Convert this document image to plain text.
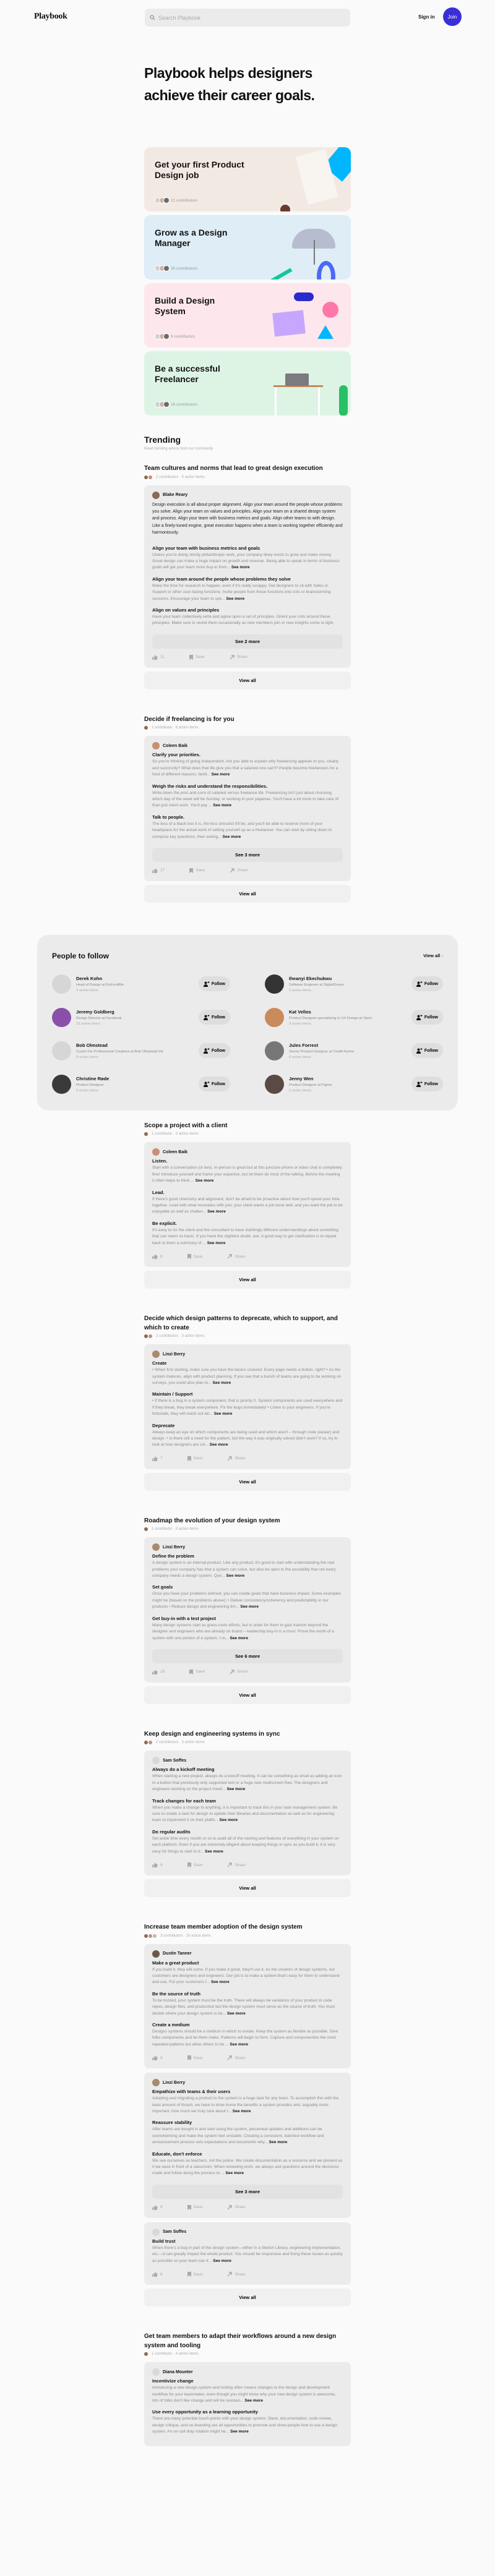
Playbook	Search Playbook	Sign in	Join
Playbook helps designers achieve their career goals.
Get your first Product Design job
21 contributors
Grow as a Design Manager
35 contributors
Build a Design System
9 contributors
Be a successful Freelancer
16 contributors
Trending
Read trending advice from our community
Team cultures and norms that lead to great design execution
2 contributors · 5 action items
Blake Reary

Design execution is all about proper alignment. Align your team around the people whose problems you solve. Align your team on values and principles. Align your team on a shared design system and process. Align your team with business metrics and goals. Align other teams to with design. Like a finely-tuned engine, great execution happens when a team is working together efficiently and harmoniously.

Align your team with business metrics and goals

Unless you're doing strictly philanthropic work, your company likely exists to grow and make money. Great design can make a huge impact on growth and revenue. Being able to speak in terms of business goals will get your team more buy-in from... See more

Align your team around the people whose problems they solve

Make the time for research to happen, even if it's really scrappy. Get designers to sit with Sales or Support or other user-facing functions. Invite people from those functions into crits or brainstorming sessions. Encourage your team to spe... See more

Align on values and principles

Have your team collectively write and agree upon a set of principles. Orient your crits around these principles. Make sure to revisit them occasionally as new members join or new insights come to light.

See 2 more
11	Save	Share
View all
Decide if freelancing is for you
1 contributor · 6 action items
Coleen Baik
Clarify your priorities.

So you're thinking of going independent. Are you able to explain why freelancing appeals to you, clearly and succinctly? What does that life give you that a salaried one can't? People become freelancers for a host of different reasons: famil... See more

Weigh the risks and understand the responsibilities.

Write down the pros and cons of salaried versus freelance life. Freelancing isn't just about choosing which day of the week will be Sunday, or working in your pajamas. You'll have a lot more to take care of than just client work. You'll pay ... See more

Talk to people.

The less of a black box it is, the less stressful it'll be, and you'll be able to reserve more of your headspace for the actual work of setting yourself up as a freelancer. You can start by sitting down to compose key questions, then asking... See more

See 3 more
17	Save	Share
View all
People to follow	View all ›
Derek Kohn
Head of Design at GoFundMe
4 action items
Follow
Iheanyi Ekechukwu
Software Engineer at DigitalOcean
2 action items
Follow
Jeremy Goldberg
Design Director at Facebook
23 action items
Follow
Kat Vellos
Product Designer specializing in UX Design at Slack
3 action items
Follow
Bob Olmstead
Coach For Professional Creatives at Bob Olmstead Ink
9 action items
Follow
Jules Forrest
Senior Product Designer at Credit Karma
6 action items
Follow
Christine Røde
Product Designer
9 action items
Follow
Jenny Wen
Product Designer at Figma
3 action items
Follow
Scope a project with a client
1 contributor · 3 action items
Coleen Baik
Listen.

Start with a conversation (or two). In-person is great but at this juncture phone or video chat is completely fine! Introduce yourself and frame your expertise, but let them do most of the talking. Before the meeting it often helps to think ... See more

Lead.

If there's good chemistry and alignment, don't be afraid to be proactive about how you'll spend your time together. Lead with what resonates with you: your client wants a job done well, and you want the job to be enjoyable as well as challen... See more

Be explicit.

It's easy to for the client and the consultant to have startlingly different understandings about something that can seem so basic. If you have the slightest doubt, ask. A good way to get clarification is to repeat back to them a summary of ... See more

8	Save	Share
View all
Decide which design patterns to deprecate, which to support, and which to create
2 contributors · 3 action items
Linzi Berry
Create

• When first starting, make sure you have the basics covered. Every page needs a button, right? • As the system matures, align with product planning. If you see that a bunch of teams are going to be working on surveys, you could also plan to... See more

Maintain / Support

• If there is a bug in a system component, that is priority 0. System components are used everywhere and if they break, they break everywhere. Fix the bugs immediately! • Listen to your engineers. If you're fortunate, they will reach out wit... See more

Deprecate

Always keep an eye on which components are being used and which aren't – through code (easier) and design. • Is there still a need for the pattern, but the way it was originally solved didn't work? If so, try to look at how designers are sol... See more

7	Save	Share
View all
Roadmap the evolution of your design system
1 contributor · 9 action items
Linzi Berry
Define the problem

A design system is an internal product. Like any product, it's good to start with understanding the real problems your company has that a system can solve, but also be open to the possibility that not every company needs a design system. Que... See more

Set goals

Once you have your problems defined, you can create goals that have business impact. Some examples might be (based on the problems above): • Deliver consistency/coherency and predictability in our products • Reduce design and engineering tim... See more

Get buy-in with a test project

Many design systems start as grass-roots efforts, but in order for them to gain traction beyond the designer and engineers who are already on board – leadership buy-in is a must. Prove the worth of a system with one portion of a system. I re... See more

See 6 more
18	Save	Share
View all
Keep design and engineering systems in sync
2 contributors · 3 action items
Sam Soffes
Always do a kickoff meeting

When starting a new project, always do a kickoff meeting. It can be something as small as adding an icon to a button that previously only supported text or a huge new multiscreen flow. The designers and engineers working on the project meeti... See more

Track changes for each team

When you make a change to anything, it is important to track this in your task management system. Be sure to create a task for design to update their libraries and documentation as well as for engineering team to implement it on their platfo... See more

Do regular audits

Set aside time every month or so to audit all of the naming and features of everything in your system on each platform. Even if you are extremely diligent about keeping things in sync as you build it, it is very easy for things to start to d... See more

9	Save	Share
View all
Increase team member adoption of the design system
3 contributors · 10 action items
Dustin Tanner
Make a great product

If you build it, they will come. If you make it great, they'll use it. As the creators of design systems, our customers are designers and engineers. Our job is to make a system that's easy for them to understand and use. Put your customers f... See more

Be the source of truth

To be trusted, your system must be the truth. There will always be variations of your product in code repos, design files, and production but the design system must serve as the source of truth. You must decide where your design system is be... See more

Create a medium

Designs systems should be a medium in which to create. Keep the system as flexible as possible. Give folks components and let them make. Patterns will begin to form. Capture and componentize the most repeated patterns but allow others to be ... See more

9	Save	Share
Linzi Berry
Empathize with teams & their users

Adopting and migrating a product to the system is a huge task for any team. To accomplish this with the least amount of thrash, we have to drive home the benefits a system provides and, arguably more important, how much we truly care about t... See more

Reassure stability

After teams are bought in and start using the system, piecemeal updates and additions can be overwhelming and make the system feel unstable. Creating a consistent, batched workflow and announcement process sets expectations and documents why... See more

Educate, don't enforce

We see ourselves as teachers, not the police. We create documentation as a resource and we present as if we were in front of a classroom. When reviewing work, we always ask questions around the decisions made and follow along the process to ... See more

See 3 more
9	Save	Share
Sam Soffes
Build trust

When there's a bug in part of the design system—either in a Sketch Library, engineering implementation, etc.—it can greatly impact the whole product. You should be responsive and fixing these issues as quickly as possible so your team can tr... See more

6	Save	Share
View all
Get team members to adapt their workflows around a new design system and tooling
1 contributor · 4 action items
Diana Mounter
Incentivize change

Introducing a new design system and tooling often means changes to the design and development workflow for your teammates, even though you might know why your new design system is awesome, lots of folks don't like change and will be resistan... See more

Use every opportunity as a learning opportunity

There are many potential touch-points with your design system. Slack, documentation, code review, design critique, and on-boarding are all opportunities to promote and show people how to use a design system. An on-call duty rotation might he... See more
